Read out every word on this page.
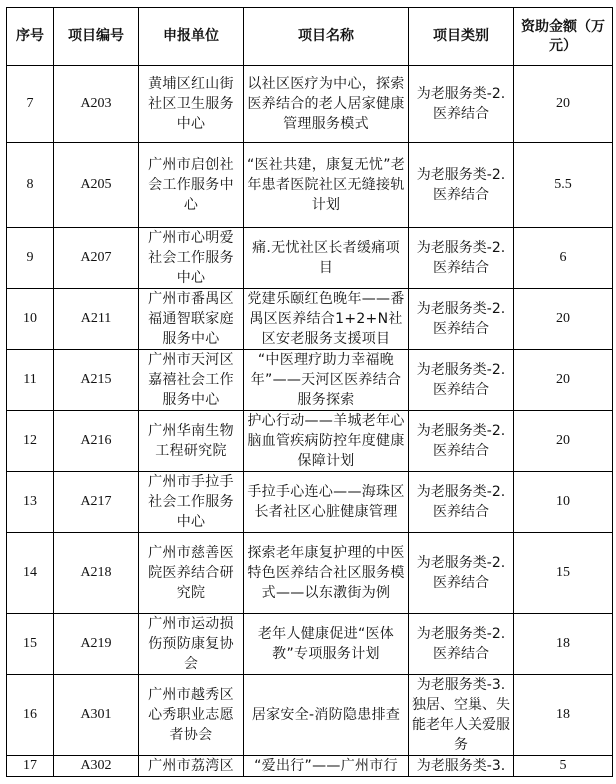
序号	项目编号	申报单位	项目名称	项目类别	资助金额（万元）
7	A203	黄埔区红山街社区卫生服务中心	以社区医疗为中心，探索医养结合的老人居家健康管理服务模式	为老服务类-2.医养结合	20
8	A205	广州市启创社会工作服务中心	“医社共建，康复无忧”老年患者医院社区无缝接轨计划	为老服务类-2.医养结合	5.5
9	A207	广州市心明爱社会工作服务中心	痛.无忧社区长者缓痛项目	为老服务类-2.医养结合	6
10	A211	广州市番禺区福通智联家庭服务中心	党建乐颐红色晚年——番禺区医养结合1+2+N社区安老服务支援项目	为老服务类-2.医养结合	20
11	A215	广州市天河区嘉禧社会工作服务中心	“中医理疗助力幸福晚年”——天河区医养结合服务探索	为老服务类-2.医养结合	20
12	A216	广州华南生物工程研究院	护心行动——羊城老年心脑血管疾病防控年度健康保障计划	为老服务类-2.医养结合	20
13	A217	广州市手拉手社会工作服务中心	手拉手心连心——海珠区长者社区心脏健康管理	为老服务类-2.医养结合	10
14	A218	广州市慈善医院医养结合研究院	探索老年康复护理的中医特色医养结合社区服务模式——以东漖街为例	为老服务类-2.医养结合	15
15	A219	广州市运动损伤预防康复协会	老年人健康促进“医体教”专项服务计划	为老服务类-2.医养结合	18
16	A301	广州市越秀区心秀职业志愿者协会	居家安全-消防隐患排查	为老服务类-3.独居、空巢、失能老年人关爱服务	18
17	A302	广州市荔湾区	“爱出行”——广州市行	为老服务类-3.	5
